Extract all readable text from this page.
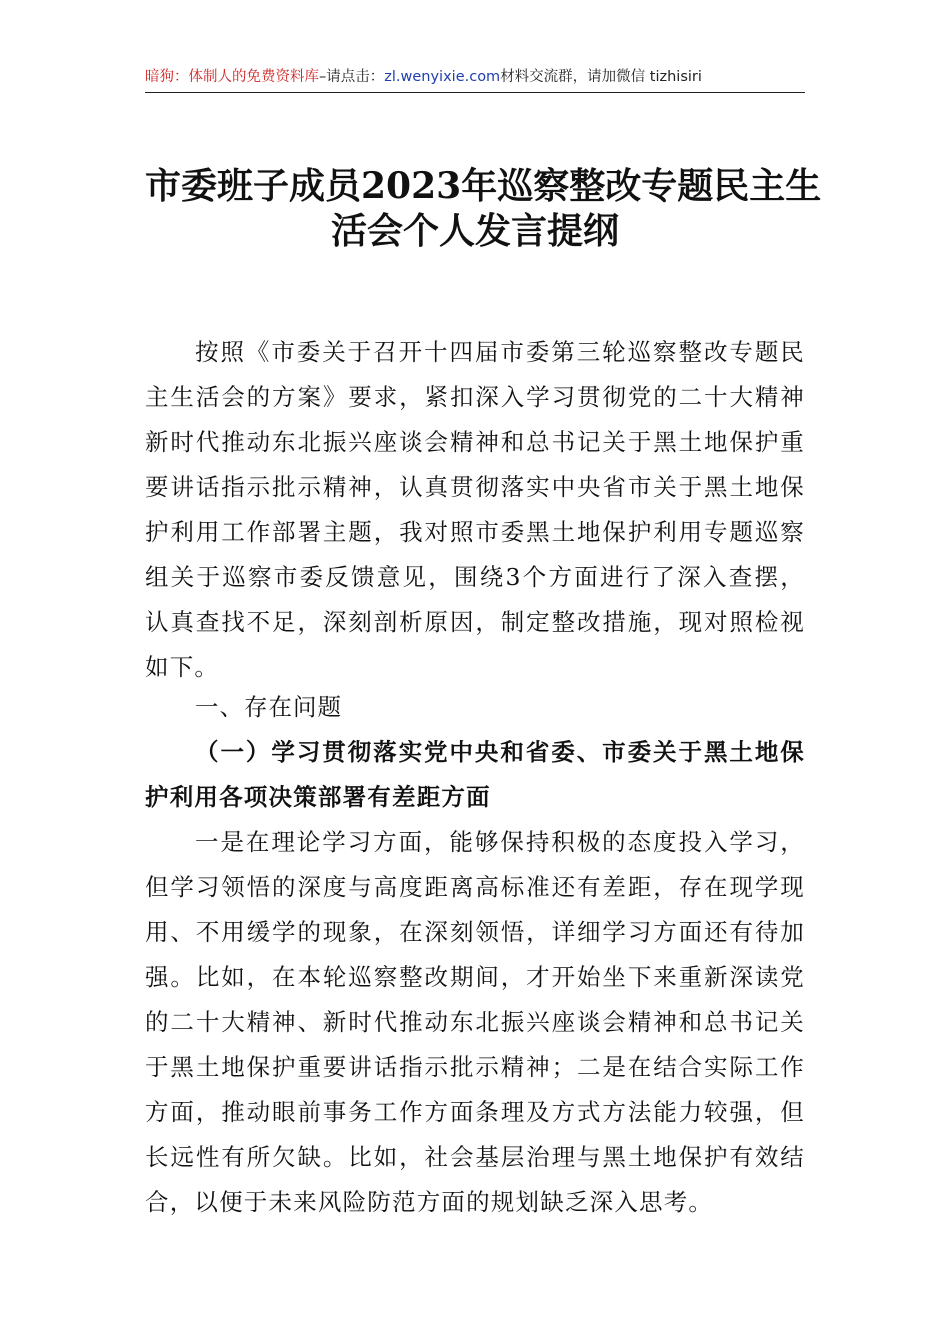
暗狗：体制人的免费资料库–请点击：zl.wenyixie.com材料交流群，请加微信 tizhisiri
市委班子成员2023年巡察整改专题民主生
活会个人发言提纲
按照《市委关于召开十四届市委第三轮巡察整改专题民
主生活会的方案》要求，紧扣深入学习贯彻党的二十大精神
新时代推动东北振兴座谈会精神和总书记关于黑土地保护重
要讲话指示批示精神，认真贯彻落实中央省市关于黑土地保
护利用工作部署主题，我对照市委黑土地保护利用专题巡察
组关于巡察市委反馈意见，围绕3个方面进行了深入查摆，
认真查找不足，深刻剖析原因，制定整改措施，现对照检视
如下。
一、存在问题
（一）学习贯彻落实党中央和省委、市委关于黑土地保
护利用各项决策部署有差距方面
一是在理论学习方面，能够保持积极的态度投入学习，
但学习领悟的深度与高度距离高标准还有差距，存在现学现
用、不用缓学的现象，在深刻领悟，详细学习方面还有待加
强。比如，在本轮巡察整改期间，才开始坐下来重新深读党
的二十大精神、新时代推动东北振兴座谈会精神和总书记关
于黑土地保护重要讲话指示批示精神；二是在结合实际工作
方面，推动眼前事务工作方面条理及方式方法能力较强，但
长远性有所欠缺。比如，社会基层治理与黑土地保护有效结
合，以便于未来风险防范方面的规划缺乏深入思考。
